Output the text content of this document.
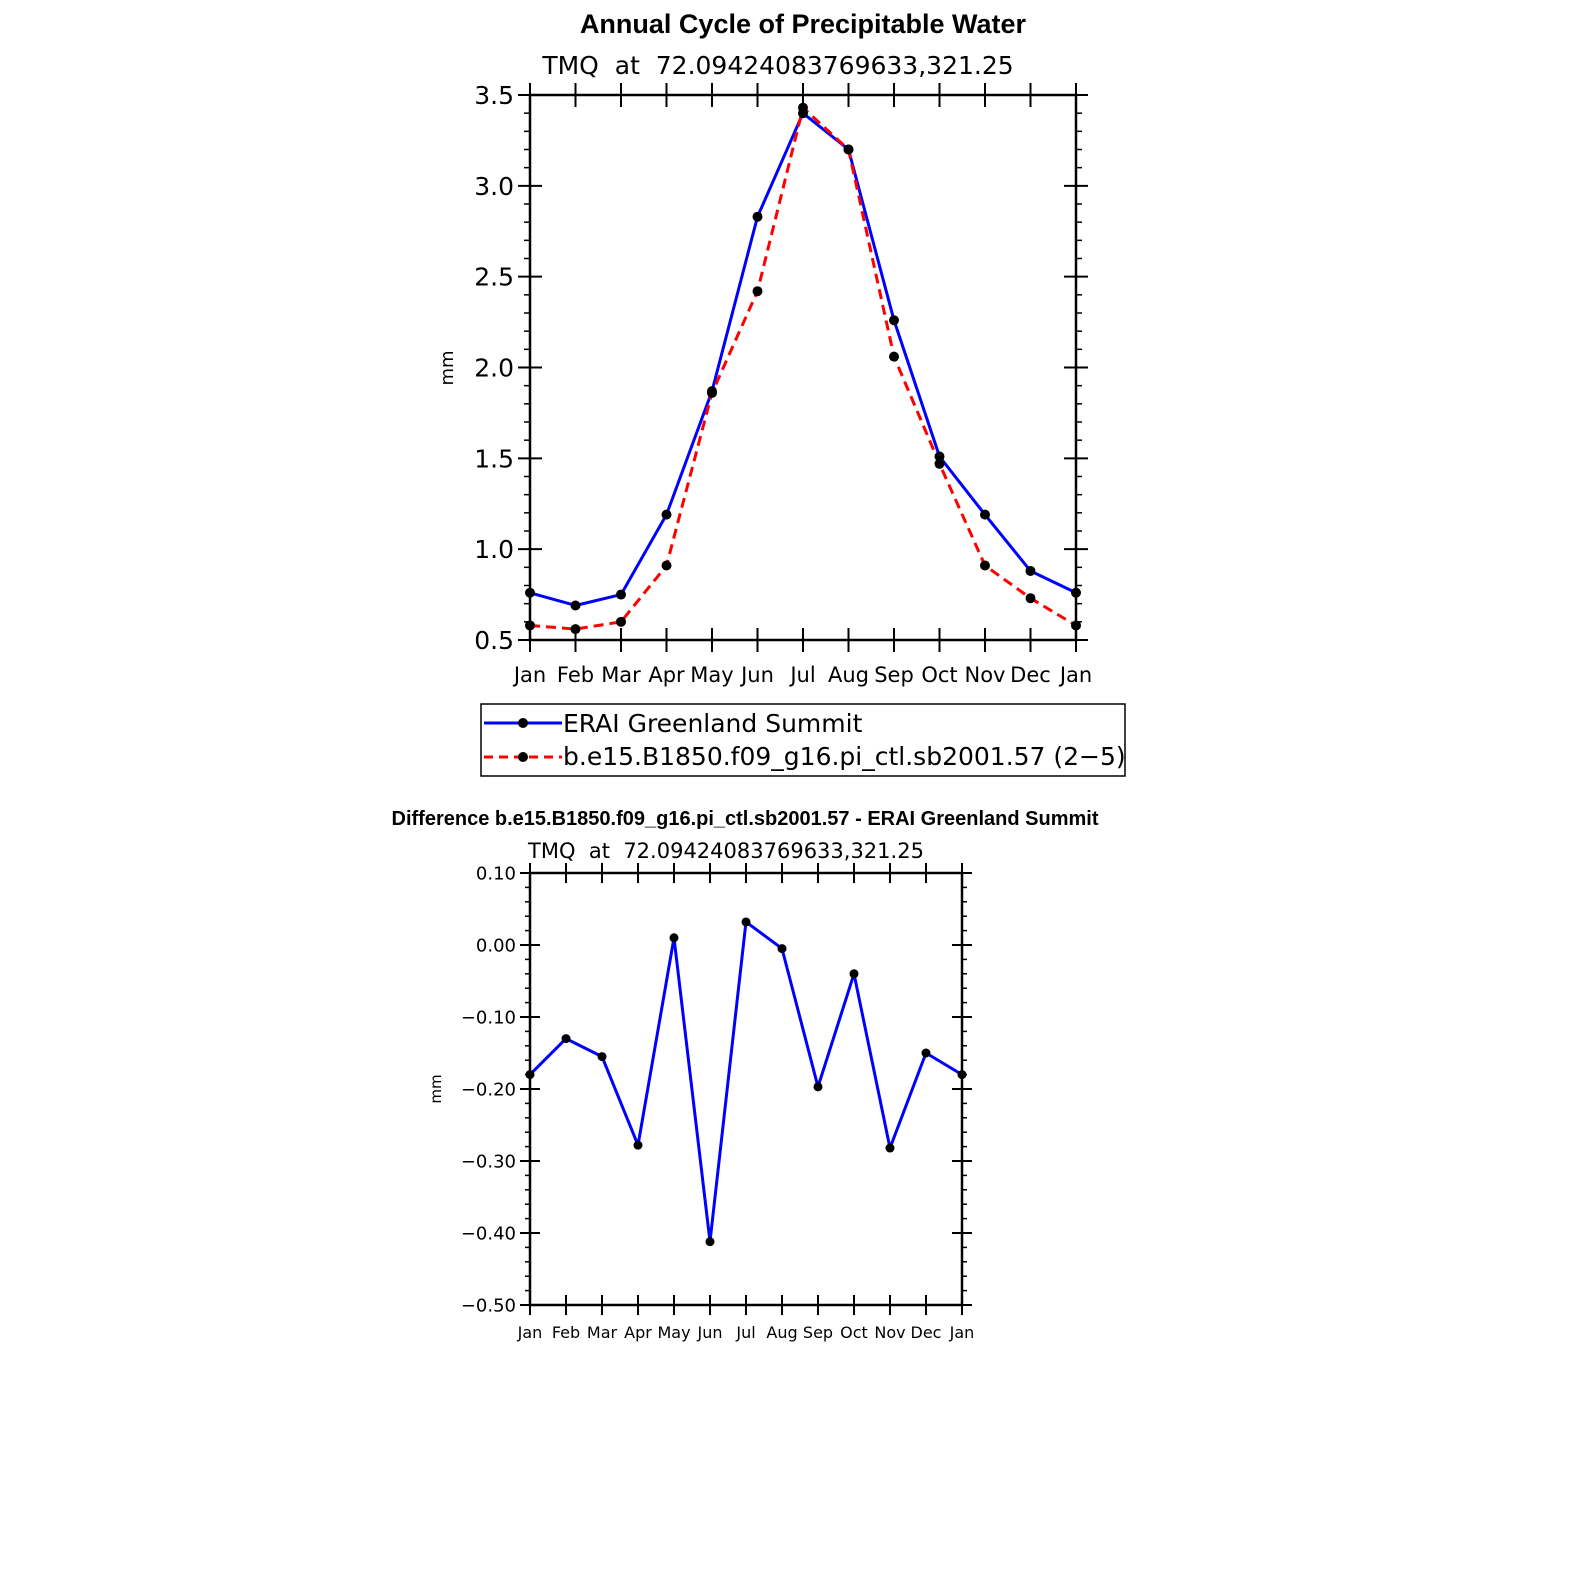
Annual Cycle of Precipitable Water
TMQ  at  72.09424083769633,321.25
mm
0.5
1.0
1.5
2.0
2.5
3.0
3.5
Jan Feb Mar Apr May Jun Jul Aug Sep Oct Nov Dec Jan
ERAI Greenland Summit
b.e15.B1850.f09_g16.pi_ctl.sb2001.57 (2−5)
Difference b.e15.B1850.f09_g16.pi_ctl.sb2001.57 - ERAI Greenland Summit
TMQ  at  72.09424083769633,321.25
mm
−0.50
−0.40
−0.30
−0.20
−0.10
0.00
0.10
Jan Feb Mar Apr May Jun Jul Aug Sep Oct Nov Dec Jan
